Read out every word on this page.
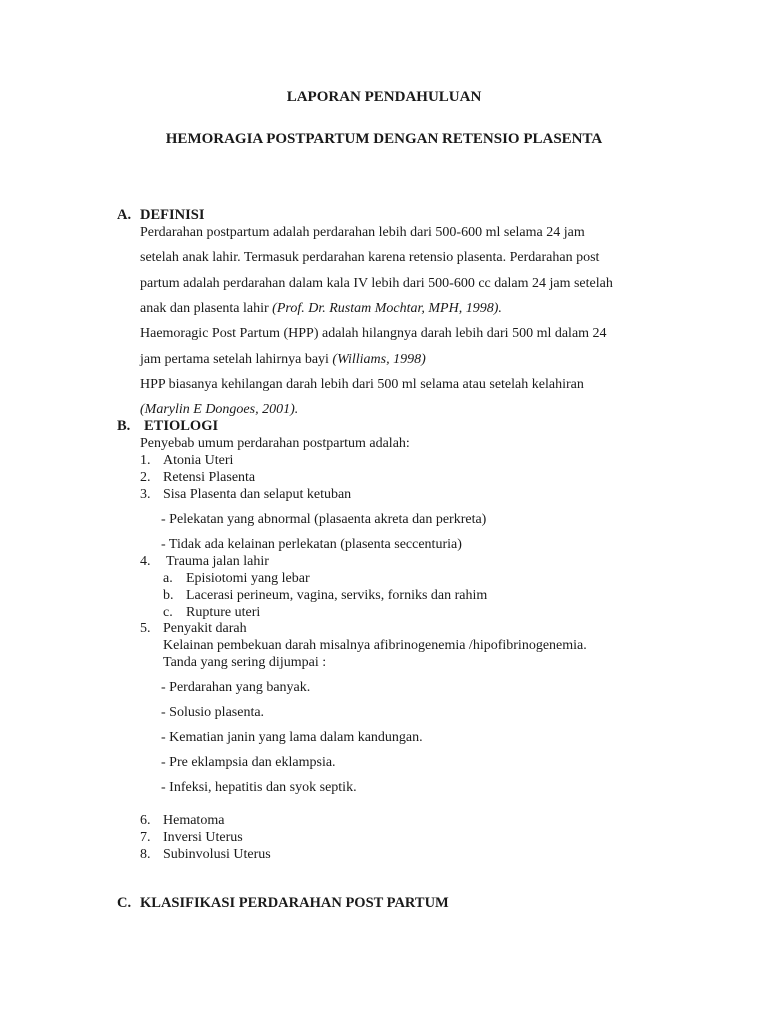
LAPORAN PENDAHULUAN
HEMORAGIA POSTPARTUM DENGAN RETENSIO PLASENTA
A. DEFINISI
Perdarahan postpartum adalah perdarahan lebih dari 500-600 ml selama 24 jam
setelah anak lahir. Termasuk perdarahan karena retensio plasenta. Perdarahan post
partum adalah perdarahan dalam kala IV lebih dari 500-600 cc dalam 24 jam setelah
anak dan plasenta lahir (Prof. Dr. Rustam Mochtar, MPH, 1998).
Haemoragic Post Partum (HPP) adalah hilangnya darah lebih dari 500 ml dalam 24
jam pertama setelah lahirnya bayi (Williams, 1998)
HPP biasanya kehilangan darah lebih dari 500 ml selama atau setelah kelahiran
(Marylin E Dongoes, 2001).
B. ETIOLOGI
Penyebab umum perdarahan postpartum adalah:
1. Atonia Uteri
2. Retensi Plasenta
3. Sisa Plasenta dan selaput ketuban
- Pelekatan yang abnormal (plasaenta akreta dan perkreta)
- Tidak ada kelainan perlekatan (plasenta seccenturia)
4.	Trauma jalan lahir
a. Episiotomi yang lebar
b. Lacerasi perineum, vagina, serviks, forniks dan rahim
c. Rupture uteri
5. Penyakit darah
Kelainan pembekuan darah misalnya afibrinogenemia /hipofibrinogenemia.
Tanda yang sering dijumpai :
- Perdarahan yang banyak.
- Solusio plasenta.
- Kematian janin yang lama dalam kandungan.
- Pre eklampsia dan eklampsia.
- Infeksi, hepatitis dan syok septik.
6. Hematoma
7. Inversi Uterus
8. Subinvolusi Uterus
C. KLASIFIKASI PERDARAHAN POST PARTUM
